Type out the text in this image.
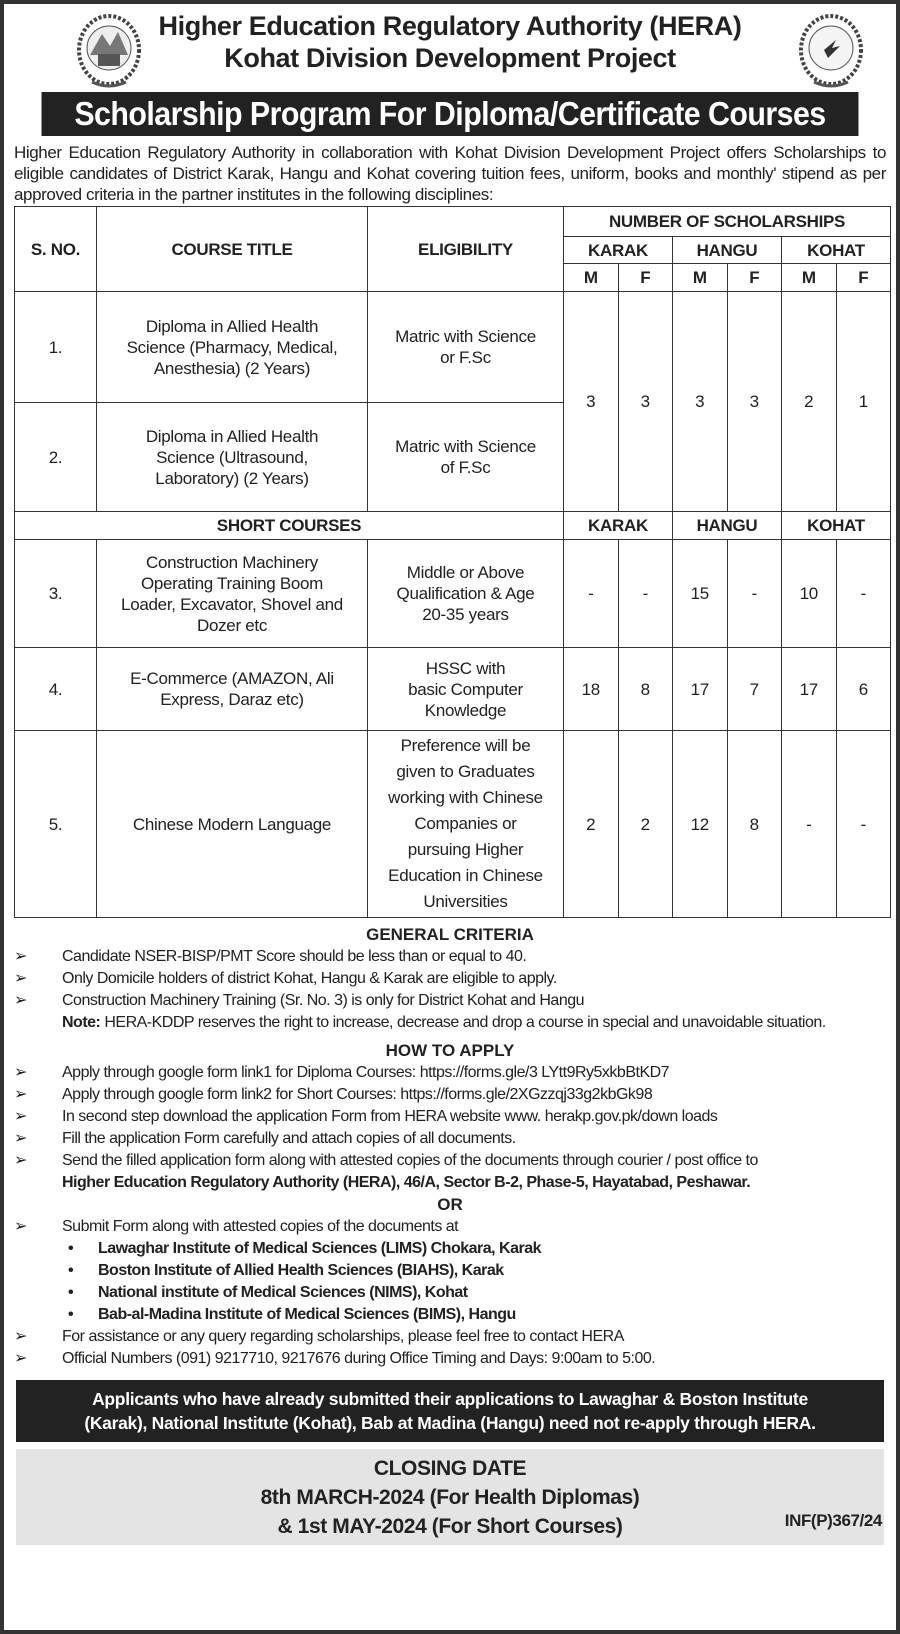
Higher Education Regulatory Authority (HERA)
Kohat Division Development Project
Scholarship Program For Diploma/Certificate Courses
Higher Education Regulatory Authority in collaboration with Kohat Division Development Project offers Scholarships to eligible candidates of District Karak, Hangu and Kohat covering tuition fees, uniform, books and monthly' stipend as per approved criteria in the partner institutes in the following disciplines:
S. NO.	COURSE TITLE	ELIGIBILITY	NUMBER OF SCHOLARSHIPS					
			KARAK		HANGU		KOHAT	
			M	F	M	F	M	F
1.	Diploma in Allied Health Science (Pharmacy, Medical, Anesthesia) (2 Years)	Matric with Science or F.Sc	3	3	3	3	2	1
2.	Diploma in Allied Health Science (Ultrasound, Laboratory) (2 Years)	Matric with Science of F.Sc						
SHORT COURSES			KARAK		HANGU		KOHAT	
3.	Construction Machinery Operating Training Boom Loader, Excavator, Shovel and Dozer etc	Middle or Above Qualification & Age 20-35 years	-	-	15	-	10	-
4.	E-Commerce (AMAZON, Ali Express, Daraz etc)	HSSC with basic Computer Knowledge	18	8	17	7	17	6
5.	Chinese Modern Language	Preference will be given to Graduates working with Chinese Companies or pursuing Higher Education in Chinese Universities	2	2	12	8	-	-
GENERAL CRITERIA
➢ Candidate NSER-BISP/PMT Score should be less than or equal to 40.
➢ Only Domicile holders of district Kohat, Hangu & Karak are eligible to apply.
➢ Construction Machinery Training (Sr. No. 3) is only for District Kohat and Hangu
Note: HERA-KDDP reserves the right to increase, decrease and drop a course in special and unavoidable situation.
HOW TO APPLY
➢ Apply through google form link1 for Diploma Courses: https://forms.gle/3 LYtt9Ry5xkbBtKD7
➢ Apply through google form link2 for Short Courses: https://forms.gle/2XGzzqj33g2kbGk98
➢ In second step download the application Form from HERA website www. herakp.gov.pk/down loads
➢ Fill the application Form carefully and attach copies of all documents.
➢ Send the filled application form along with attested copies of the documents through courier / post office to
Higher Education Regulatory Authority (HERA), 46/A, Sector B-2, Phase-5, Hayatabad, Peshawar.
OR
➢ Submit Form along with attested copies of the documents at
• Lawaghar Institute of Medical Sciences (LIMS) Chokara, Karak
• Boston Institute of Allied Health Sciences (BIAHS), Karak
• National institute of Medical Sciences (NIMS), Kohat
• Bab-al-Madina Institute of Medical Sciences (BIMS), Hangu
➢ For assistance or any query regarding scholarships, please feel free to contact HERA
➢ Official Numbers (091) 9217710, 9217676 during Office Timing and Days: 9:00am to 5:00.
Applicants who have already submitted their applications to Lawaghar & Boston Institute
(Karak), National Institute (Kohat), Bab at Madina (Hangu) need not re-apply through HERA.
CLOSING DATE
8th MARCH-2024 (For Health Diplomas)
& 1st MAY-2024 (For Short Courses)	INF(P)367/24
